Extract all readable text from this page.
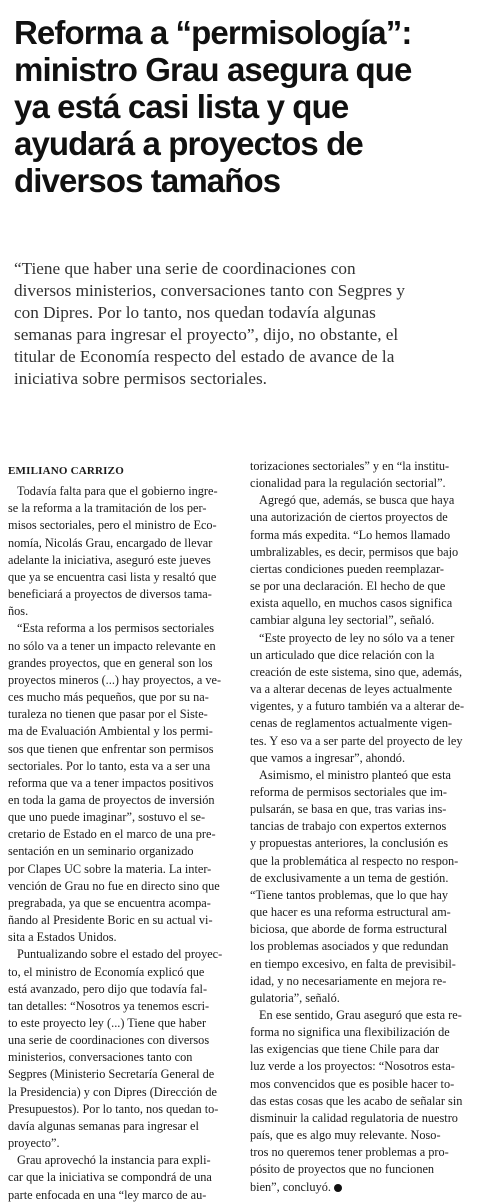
Reforma a “permisología”:
ministro Grau asegura que
ya está casi lista y que
ayudará a proyectos de
diversos tamaños
“Tiene que haber una serie de coordinaciones con
diversos ministerios, conversaciones tanto con Segpres y
con Dipres. Por lo tanto, nos quedan todavía algunas
semanas para ingresar el proyecto”, dijo, no obstante, el
titular de Economía respecto del estado de avance de la
iniciativa sobre permisos sectoriales.
EMILIANO CARRIZO
Todavía falta para que el gobierno ingre-
se la reforma a la tramitación de los per-
misos sectoriales, pero el ministro de Eco-
nomía, Nicolás Grau, encargado de llevar
adelante la iniciativa, aseguró este jueves
que ya se encuentra casi lista y resaltó que
beneficiará a proyectos de diversos tama-
ños.
“Esta reforma a los permisos sectoriales
no sólo va a tener un impacto relevante en
grandes proyectos, que en general son los
proyectos mineros (...) hay proyectos, a ve-
ces mucho más pequeños, que por su na-
turaleza no tienen que pasar por el Siste-
ma de Evaluación Ambiental y los permi-
sos que tienen que enfrentar son permisos
sectoriales. Por lo tanto, esta va a ser una
reforma que va a tener impactos positivos
en toda la gama de proyectos de inversión
que uno puede imaginar”, sostuvo el se-
cretario de Estado en el marco de una pre-
sentación en un seminario organizado
por Clapes UC sobre la materia. La inter-
vención de Grau no fue en directo sino que
pregrabada, ya que se encuentra acompa-
ñando al Presidente Boric en su actual vi-
sita a Estados Unidos.
Puntualizando sobre el estado del proyec-
to, el ministro de Economía explicó que
está avanzado, pero dijo que todavía fal-
tan detalles: “Nosotros ya tenemos escri-
to este proyecto ley (...) Tiene que haber
una serie de coordinaciones con diversos
ministerios, conversaciones tanto con
Segpres (Ministerio Secretaría General de
la Presidencia) y con Dipres (Dirección de
Presupuestos). Por lo tanto, nos quedan to-
davía algunas semanas para ingresar el
proyecto”.
Grau aprovechó la instancia para expli-
car que la iniciativa se compondrá de una
parte enfocada en una “ley marco de au-
torizaciones sectoriales” y en “la institu-
cionalidad para la regulación sectorial”.
Agregó que, además, se busca que haya
una autorización de ciertos proyectos de
forma más expedita. “Lo hemos llamado
umbralizables, es decir, permisos que bajo
ciertas condiciones pueden reemplazar-
se por una declaración. El hecho de que
exista aquello, en muchos casos significa
cambiar alguna ley sectorial”, señaló.
“Este proyecto de ley no sólo va a tener
un articulado que dice relación con la
creación de este sistema, sino que, además,
va a alterar decenas de leyes actualmente
vigentes, y a futuro también va a alterar de-
cenas de reglamentos actualmente vigen-
tes. Y eso va a ser parte del proyecto de ley
que vamos a ingresar”, ahondó.
Asimismo, el ministro planteó que esta
reforma de permisos sectoriales que im-
pulsarán, se basa en que, tras varias ins-
tancias de trabajo con expertos externos
y propuestas anteriores, la conclusión es
que la problemática al respecto no respon-
de exclusivamente a un tema de gestión.
“Tiene tantos problemas, que lo que hay
que hacer es una reforma estructural am-
biciosa, que aborde de forma estructural
los problemas asociados y que redundan
en tiempo excesivo, en falta de previsibil-
idad, y no necesariamente en mejora re-
gulatoria”, señaló.
En ese sentido, Grau aseguró que esta re-
forma no significa una flexibilización de
las exigencias que tiene Chile para dar
luz verde a los proyectos: “Nosotros esta-
mos convencidos que es posible hacer to-
das estas cosas que les acabo de señalar sin
disminuir la calidad regulatoria de nuestro
país, que es algo muy relevante. Noso-
tros no queremos tener problemas a pro-
pósito de proyectos que no funcionen
bien”, concluyó.
